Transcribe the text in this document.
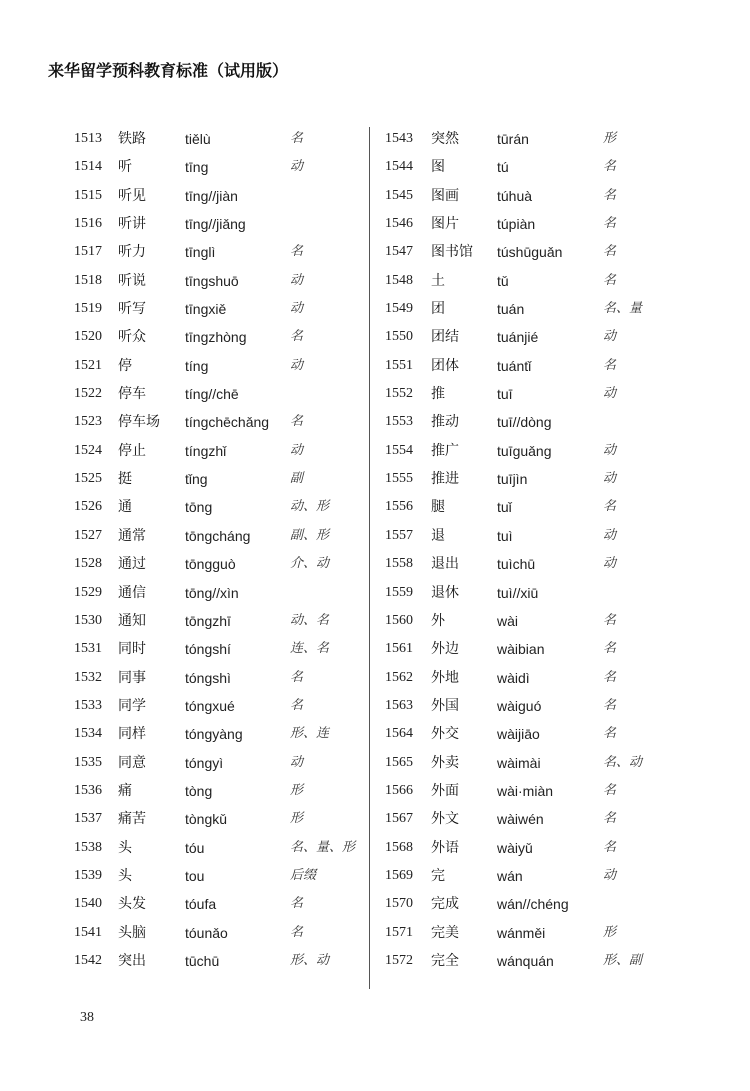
来华留学预科教育标准（试用版）
1513 铁路	tiělù	名
1514 听	tīng	动
1515 听见	tīng//jiàn
1516 听讲	tīng//jiǎng
1517 听力	tīnglì	名
1518 听说	tīngshuō	动
1519 听写	tīngxiě	动
1520 听众	tīngzhòng	名
1521 停	tíng	动
1522 停车	tíng//chē
1523 停车场 tíngchēchǎng 名
1524 停止	tíngzhǐ	动
1525 挺	tǐng	副
1526 通	tōng	动、形
1527 通常	tōngcháng	副、形
1528 通过	tōngguò	介、动
1529 通信	tōng//xìn
1530 通知	tōngzhī	动、名
1531 同时	tóngshí	连、名
1532 同事	tóngshì	名
1533 同学	tóngxué	名
1534 同样	tóngyàng	形、连
1535 同意	tóngyì	动
1536 痛	tòng	形
1537 痛苦	tòngkǔ	形
1538 头	tóu	名、量、形
1539 头	tou	后缀
1540 头发	tóufa	名
1541 头脑	tóunǎo	名
1542 突出	tūchū	形、动
1543 突然	tūrán	形
1544 图	tú	名
1545 图画	túhuà	名
1546 图片	túpiàn	名
1547 图书馆 túshūguǎn	名
1548 土	tǔ	名
1549 团	tuán	名、量
1550 团结	tuánjié	动
1551 团体	tuántǐ	名
1552 推	tuī	动
1553 推动	tuī//dòng
1554 推广	tuīguǎng	动
1555 推进	tuījìn	动
1556 腿	tuǐ	名
1557 退	tuì	动
1558 退出	tuìchū	动
1559 退休	tuì//xiū
1560 外	wài	名
1561 外边	wàibian	名
1562 外地	wàidì	名
1563 外国	wàiguó	名
1564 外交	wàijiāo	名
1565 外卖	wàimài	名、动
1566 外面	wài·miàn	名
1567 外文	wàiwén	名
1568 外语	wàiyǔ	名
1569 完	wán	动
1570 完成	wán//chéng
1571 完美	wánměi	形
1572 完全	wánquán	形、副
38
